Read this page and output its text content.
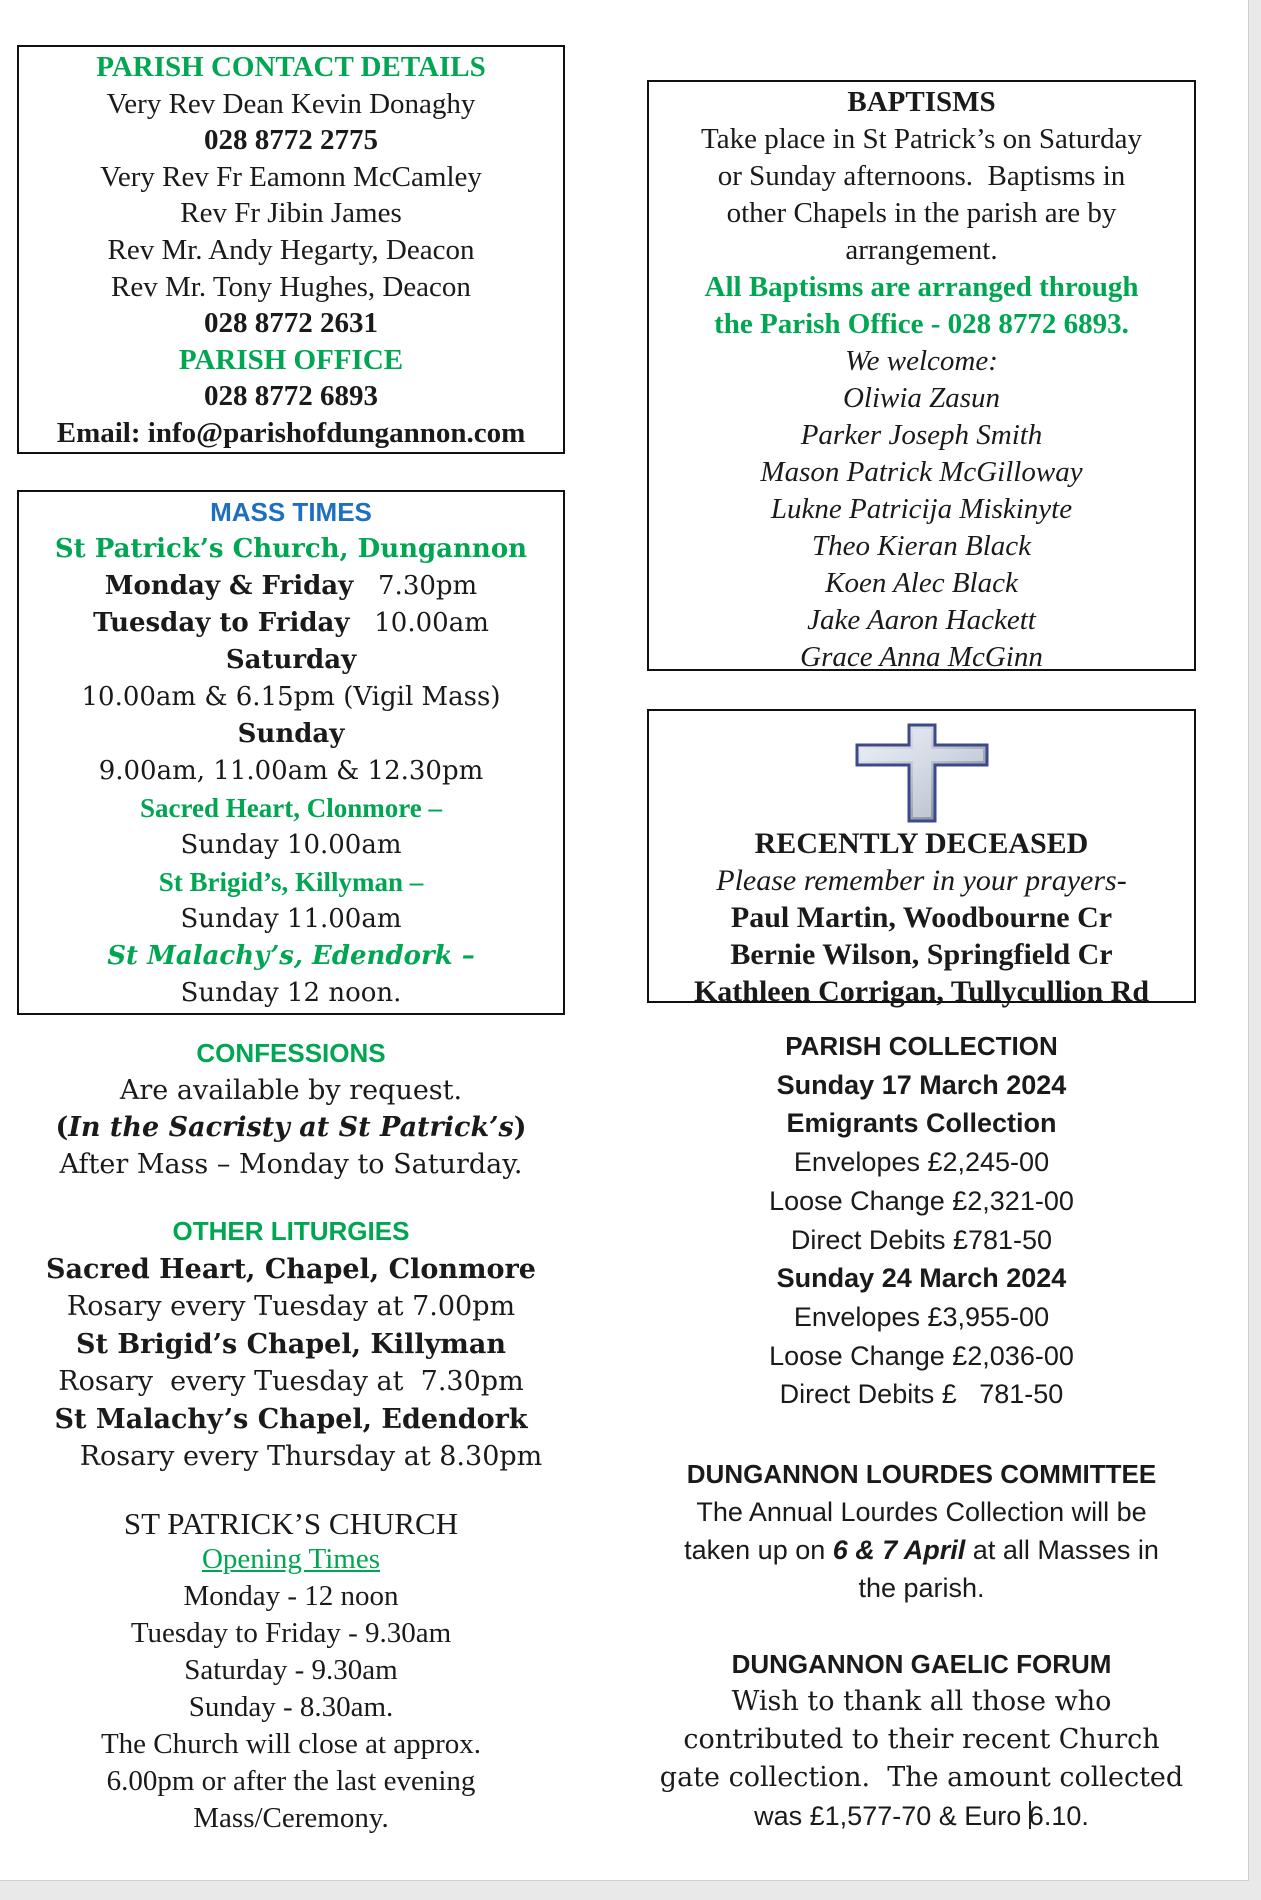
PARISH CONTACT DETAILS
Very Rev Dean Kevin Donaghy
028 8772 2775
Very Rev Fr Eamonn McCamley
Rev Fr Jibin James
Rev Mr. Andy Hegarty, Deacon
Rev Mr. Tony Hughes, Deacon
028 8772 2631
PARISH OFFICE
028 8772 6893
Email: info@parishofdungannon.com
MASS TIMES
St Patrick’s Church, Dungannon
Monday & Friday 7.30pm
Tuesday to Friday 10.00am
Saturday
10.00am & 6.15pm (Vigil Mass)
Sunday
9.00am, 11.00am & 12.30pm
Sacred Heart, Clonmore –
Sunday 10.00am
St Brigid’s, Killyman –
Sunday 11.00am
St Malachy’s, Edendork –
Sunday 12 noon.
CONFESSIONS
Are available by request.
(In the Sacristy at St Patrick’s)
After Mass – Monday to Saturday.
OTHER LITURGIES
Sacred Heart, Chapel, Clonmore
Rosary every Tuesday at 7.00pm
St Brigid’s Chapel, Killyman
Rosary  every Tuesday at  7.30pm
St Malachy’s Chapel, Edendork
Rosary every Thursday at 8.30pm
ST PATRICK’S CHURCH
Opening Times
Monday - 12 noon
Tuesday to Friday - 9.30am
Saturday - 9.30am
Sunday - 8.30am.
The Church will close at approx.
6.00pm or after the last evening
Mass/Ceremony.
BAPTISMS
Take place in St Patrick’s on Saturday
or Sunday afternoons.  Baptisms in
other Chapels in the parish are by
arrangement.
All Baptisms are arranged through
the Parish Office - 028 8772 6893.
We welcome:
Oliwia Zasun
Parker Joseph Smith
Mason Patrick McGilloway
Lukne Patricija Miskinyte
Theo Kieran Black
Koen Alec Black
Jake Aaron Hackett
Grace Anna McGinn
RECENTLY DECEASED
Please remember in your prayers-
Paul Martin, Woodbourne Cr
Bernie Wilson, Springfield Cr
Kathleen Corrigan, Tullycullion Rd
PARISH COLLECTION
Sunday 17 March 2024
Emigrants Collection
Envelopes £2,245-00
Loose Change £2,321-00
Direct Debits £781-50
Sunday 24 March 2024
Envelopes £3,955-00
Loose Change £2,036-00
Direct Debits £   781-50
DUNGANNON LOURDES COMMITTEE
The Annual Lourdes Collection will be
taken up on 6 & 7 April at all Masses in
the parish.
DUNGANNON GAELIC FORUM
Wish to thank all those who
contributed to their recent Church
gate collection.  The amount collected
was £1,577-70 & Euro 6.10.
